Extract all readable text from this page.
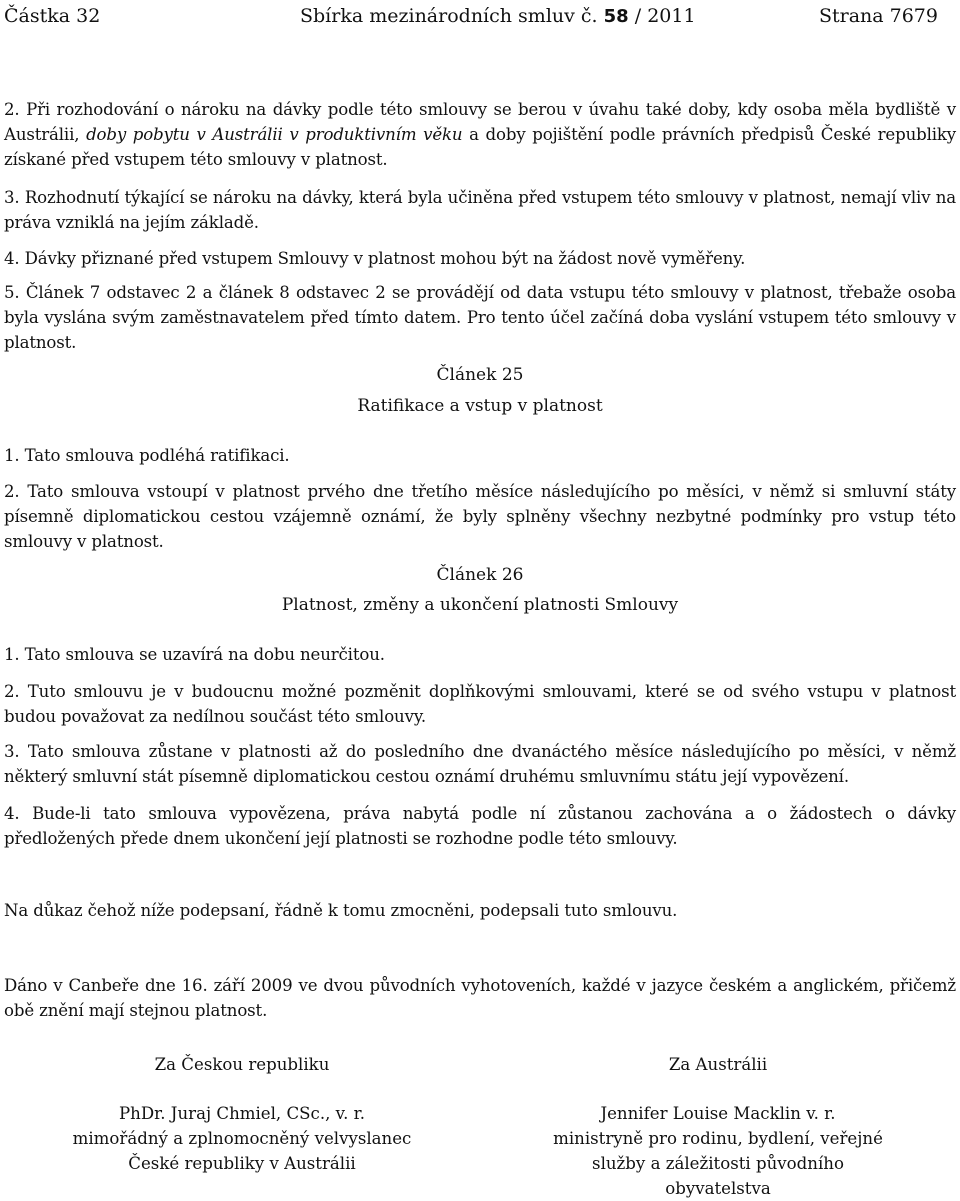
Částka 32	Sbírka mezinárodních smluv č. 58 / 2011	Strana 7679

2. Při rozhodování o nároku na dávky podle této smlouvy se berou v úvahu také doby, kdy osoba měla bydliště v Austrálii, doby pobytu v Austrálii v produktivním věku a doby pojištění podle právních předpisů České republiky získané před vstupem této smlouvy v platnost.

3. Rozhodnutí týkající se nároku na dávky, která byla učiněna před vstupem této smlouvy v platnost, nemají vliv na práva vzniklá na jejím základě.

4. Dávky přiznané před vstupem Smlouvy v platnost mohou být na žádost nově vyměřeny.

5. Článek 7 odstavec 2 a článek 8 odstavec 2 se provádějí od data vstupu této smlouvy v platnost, třebaže osoba byla vyslána svým zaměstnavatelem před tímto datem. Pro tento účel začíná doba vyslání vstupem této smlouvy v platnost.

Článek 25
Ratifikace a vstup v platnost

1. Tato smlouva podléhá ratifikaci.

2. Tato smlouva vstoupí v platnost prvého dne třetího měsíce následujícího po měsíci, v němž si smluvní státy písemně diplomatickou cestou vzájemně oznámí, že byly splněny všechny nezbytné podmínky pro vstup této smlouvy v platnost.

Článek 26
Platnost, změny a ukončení platnosti Smlouvy

1. Tato smlouva se uzavírá na dobu neurčitou.

2. Tuto smlouvu je v budoucnu možné pozměnit doplňkovými smlouvami, které se od svého vstupu v platnost budou považovat za nedílnou součást této smlouvy.

3. Tato smlouva zůstane v platnosti až do posledního dne dvanáctého měsíce následujícího po měsíci, v němž některý smluvní stát písemně diplomatickou cestou oznámí druhému smluvnímu státu její vypovězení.

4. Bude-li tato smlouva vypovězena, práva nabytá podle ní zůstanou zachována a o žádostech o dávky předložených přede dnem ukončení její platnosti se rozhodne podle této smlouvy.

Na důkaz čehož níže podepsaní, řádně k tomu zmocněni, podepsali tuto smlouvu.

Dáno v Canbeře dne 16. září 2009 ve dvou původních vyhotoveních, každé v jazyce českém a anglickém, přičemž obě znění mají stejnou platnost.

Za Českou republiku
PhDr. Juraj Chmiel, CSc., v. r.
mimořádný a zplnomocněný velvyslanec
České republiky v Austrálii
Za Austrálii
Jennifer Louise Macklin v. r.
ministryně pro rodinu, bydlení, veřejné
služby a záležitosti původního
obyvatelstva
